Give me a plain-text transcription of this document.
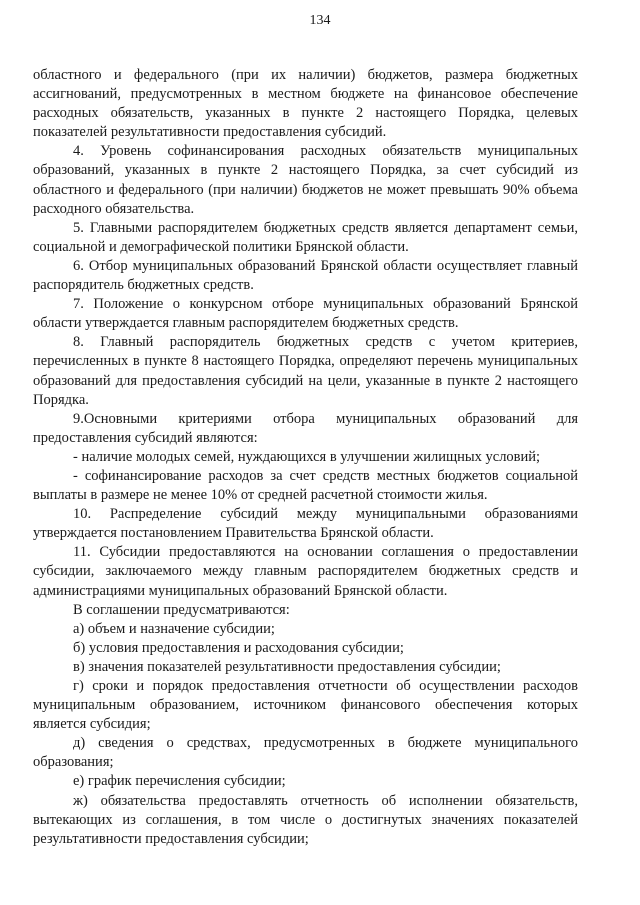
134

областного и федерального (при их наличии) бюджетов, размера бюджетных ассигнований, предусмотренных в местном бюджете на финансовое обеспечение расходных обязательств, указанных в пункте 2 настоящего Порядка, целевых показателей результативности предоставления субсидий.

4. Уровень софинансирования расходных обязательств муниципальных образований, указанных в пункте 2 настоящего Порядка, за счет субсидий из областного и федерального (при наличии) бюджетов не может превышать 90% объема расходного обязательства.

5. Главными распорядителем бюджетных средств является департамент семьи, социальной и демографической политики Брянской области.

6. Отбор муниципальных образований Брянской области осуществляет главный распорядитель бюджетных средств.

7. Положение о конкурсном отборе муниципальных образований Брянской области утверждается главным распорядителем бюджетных средств.

8. Главный распорядитель бюджетных средств с учетом критериев, перечисленных в пункте 8 настоящего Порядка, определяют перечень муниципальных образований для предоставления субсидий на цели, указанные в пункте 2 настоящего Порядка.

9.Основными критериями отбора муниципальных образований для предоставления субсидий являются:

- наличие молодых семей, нуждающихся в улучшении жилищных условий;

- софинансирование расходов за счет средств местных бюджетов социальной выплаты в размере не менее 10% от средней расчетной стоимости жилья.

10. Распределение субсидий между муниципальными образованиями утверждается постановлением Правительства Брянской области.

11. Субсидии предоставляются на основании соглашения о предоставлении субсидии, заключаемого между главным распорядителем бюджетных средств и администрациями муниципальных образований Брянской области.

В соглашении предусматриваются:

а) объем и назначение субсидии;

б) условия предоставления и расходования субсидии;

в) значения показателей результативности предоставления субсидии;

г) сроки и порядок предоставления отчетности об осуществлении расходов муниципальным образованием, источником финансового обеспечения которых является субсидия;

д) сведения о средствах, предусмотренных в бюджете муниципального образования;

е) график перечисления субсидии;

ж) обязательства предоставлять отчетность об исполнении обязательств, вытекающих из соглашения, в том числе о достигнутых значениях показателей результативности предоставления субсидии;
